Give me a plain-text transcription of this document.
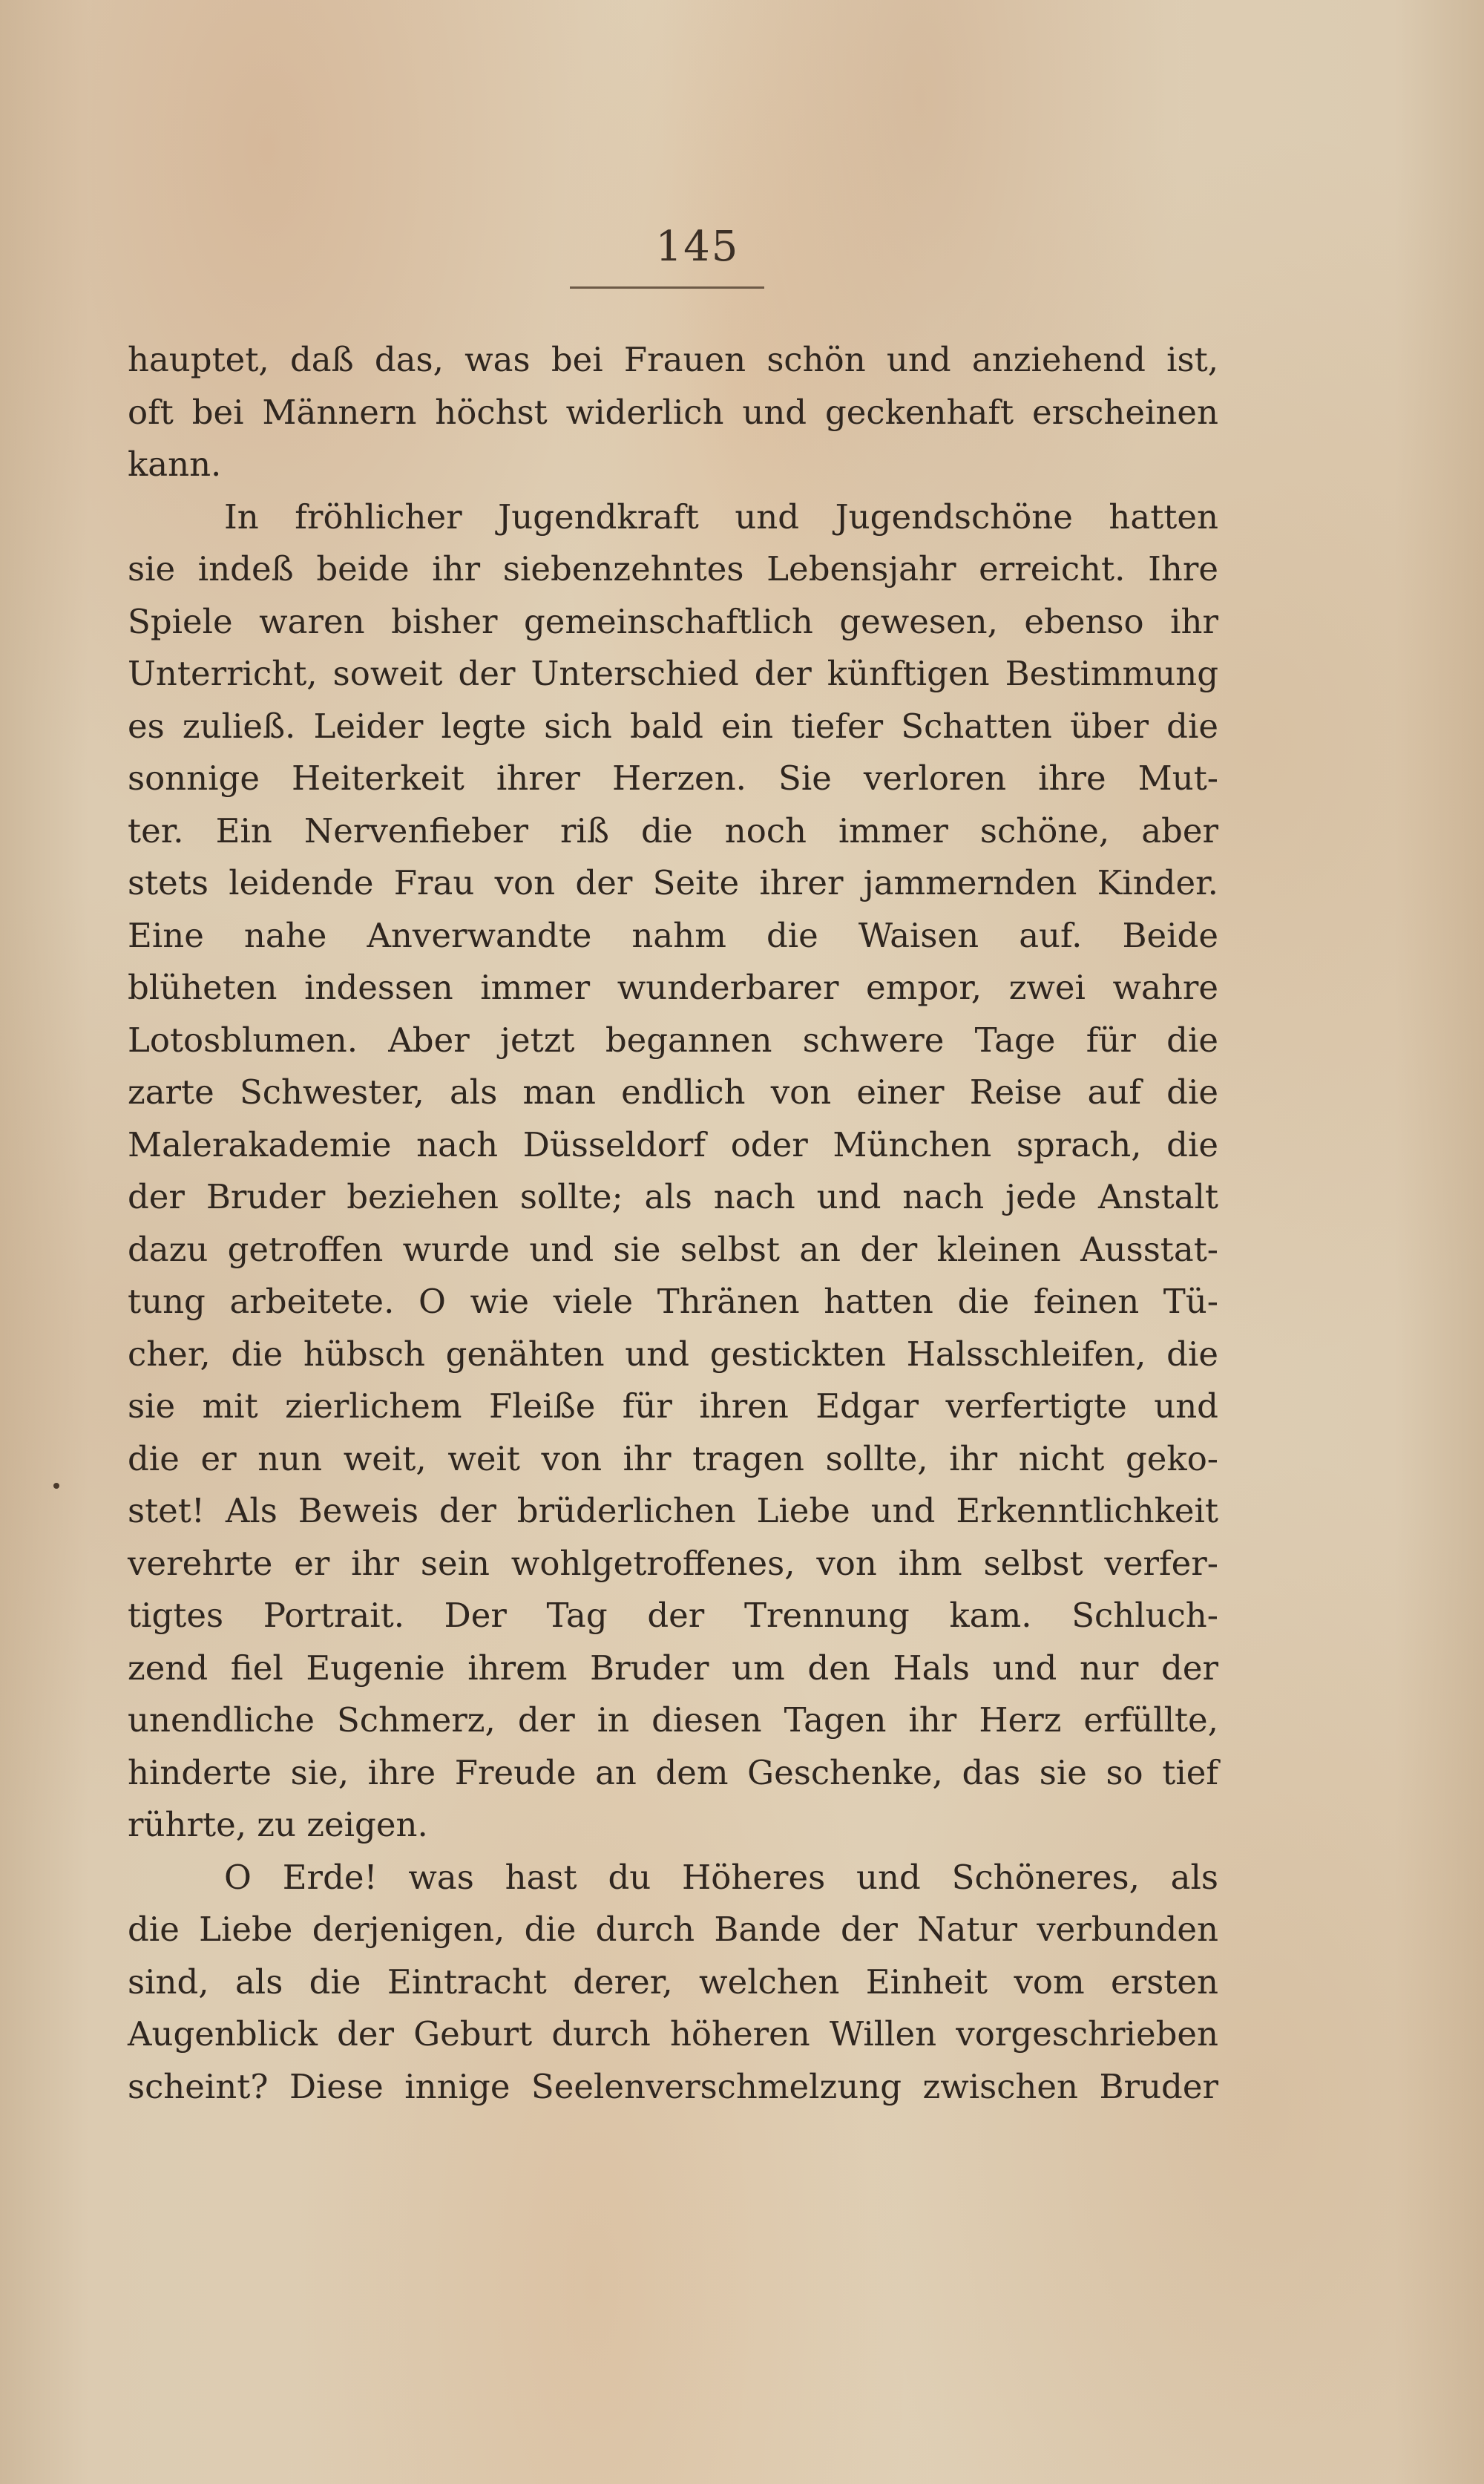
145
hauptet, daß das, was bei Frauen schön und anziehend ist,
oft bei Männern höchst widerlich und geckenhaft erscheinen
kann.
In fröhlicher Jugendkraft und Jugendschöne hatten
sie indeß beide ihr siebenzehntes Lebensjahr erreicht. Ihre
Spiele waren bisher gemeinschaftlich gewesen, ebenso ihr
Unterricht, soweit der Unterschied der künftigen Bestimmung
es zuließ. Leider legte sich bald ein tiefer Schatten über die
sonnige Heiterkeit ihrer Herzen. Sie verloren ihre Mut-
ter. Ein Nervenfieber riß die noch immer schöne, aber
stets leidende Frau von der Seite ihrer jammernden Kinder.
Eine nahe Anverwandte nahm die Waisen auf. Beide
blüheten indessen immer wunderbarer empor, zwei wahre
Lotosblumen. Aber jetzt begannen schwere Tage für die
zarte Schwester, als man endlich von einer Reise auf die
Malerakademie nach Düsseldorf oder München sprach, die
der Bruder beziehen sollte; als nach und nach jede Anstalt
dazu getroffen wurde und sie selbst an der kleinen Ausstat-
tung arbeitete. O wie viele Thränen hatten die feinen Tü-
cher, die hübsch genähten und gestickten Halsschleifen, die
sie mit zierlichem Fleiße für ihren Edgar verfertigte und
die er nun weit, weit von ihr tragen sollte, ihr nicht geko-
stet! Als Beweis der brüderlichen Liebe und Erkenntlichkeit
verehrte er ihr sein wohlgetroffenes, von ihm selbst verfer-
tigtes Portrait. Der Tag der Trennung kam. Schluch-
zend fiel Eugenie ihrem Bruder um den Hals und nur der
unendliche Schmerz, der in diesen Tagen ihr Herz erfüllte,
hinderte sie, ihre Freude an dem Geschenke, das sie so tief
rührte, zu zeigen.
O Erde! was hast du Höheres und Schöneres, als
die Liebe derjenigen, die durch Bande der Natur verbunden
sind, als die Eintracht derer, welchen Einheit vom ersten
Augenblick der Geburt durch höheren Willen vorgeschrieben
scheint? Diese innige Seelenverschmelzung zwischen Bruder
